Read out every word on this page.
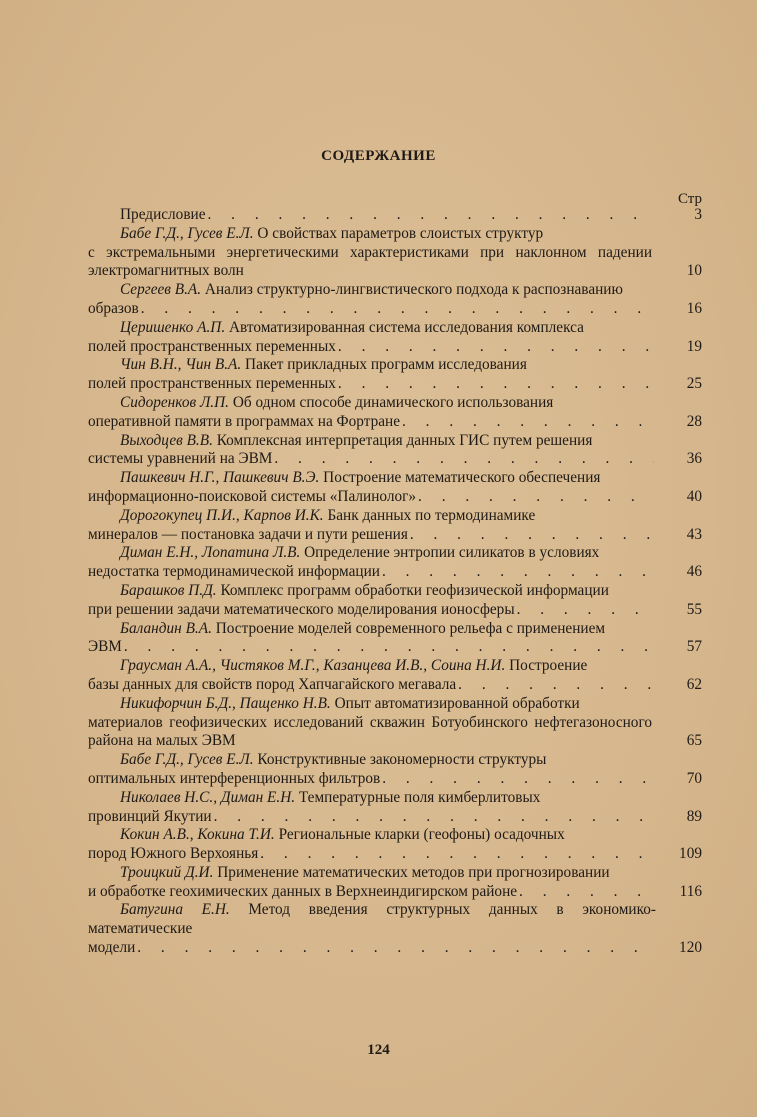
СОДЕРЖАНИЕ
Стр
Предисловие . . .	3
Бабе Г.Д., Гусев Е.Л. О свойствах параметров слоистых структур
с экстремальными энергетическими характеристиками при наклонном падении электромагнитных волн	10
Сергеев В.А. Анализ структурно-лингвистического подхода к распознаванию
образов . . .	16
Церишенко А.П. Автоматизированная система исследования комплекса
полей пространственных переменных . . .	19
Чин В.Н., Чин В.А. Пакет прикладных программ исследования
полей пространственных переменных . . .	25
Сидоренков Л.П. Об одном способе динамического использования
оперативной памяти в программах на Фортране . . .	28
Выходцев В.В. Комплексная интерпретация данных ГИС путем решения
системы уравнений на ЭВМ . . .	36
Пашкевич Н.Г., Пашкевич В.Э. Построение математического обеспечения
информационно-поисковой системы «Палинолог» . . .	40
Дорогокупец П.И., Карпов И.К. Банк данных по термодинамике
минералов — постановка задачи и пути решения . . .	43
Диман Е.Н., Лопатина Л.В. Определение энтропии силикатов в условиях
недостатка термодинамической информации . . .	46
Барашков П.Д. Комплекс программ обработки геофизической информации
при решении задачи математического моделирования ионосферы . . .	55
Баландин В.А. Построение моделей современного рельефа с применением
ЭВМ . . .	57
Граусман А.А., Чистяков М.Г., Казанцева И.В., Соина Н.И. Построение
базы данных для свойств пород Хапчагайского мегавала . . .	62
Никифорчин Б.Д., Пащенко Н.В. Опыт автоматизированной обработки
материалов геофизических исследований скважин Ботуобинского нефтегазоносного района на малых ЭВМ	65
Бабе Г.Д., Гусев Е.Л. Конструктивные закономерности структуры
оптимальных интерференционных фильтров . . .	70
Николаев Н.С., Диман Е.Н. Температурные поля кимберлитовых
провинций Якутии . . .	89
Кокин А.В., Кокина Т.И. Региональные кларки (геофоны) осадочных
пород Южного Верхоянья . . .	109
Троицкий Д.И. Применение математических методов при прогнозировании
и обработке геохимических данных в Верхнеиндигирском районе . . .	116
Батугина Е.Н. Метод введения структурных данных в экономико-математические
модели . . .	120
124
